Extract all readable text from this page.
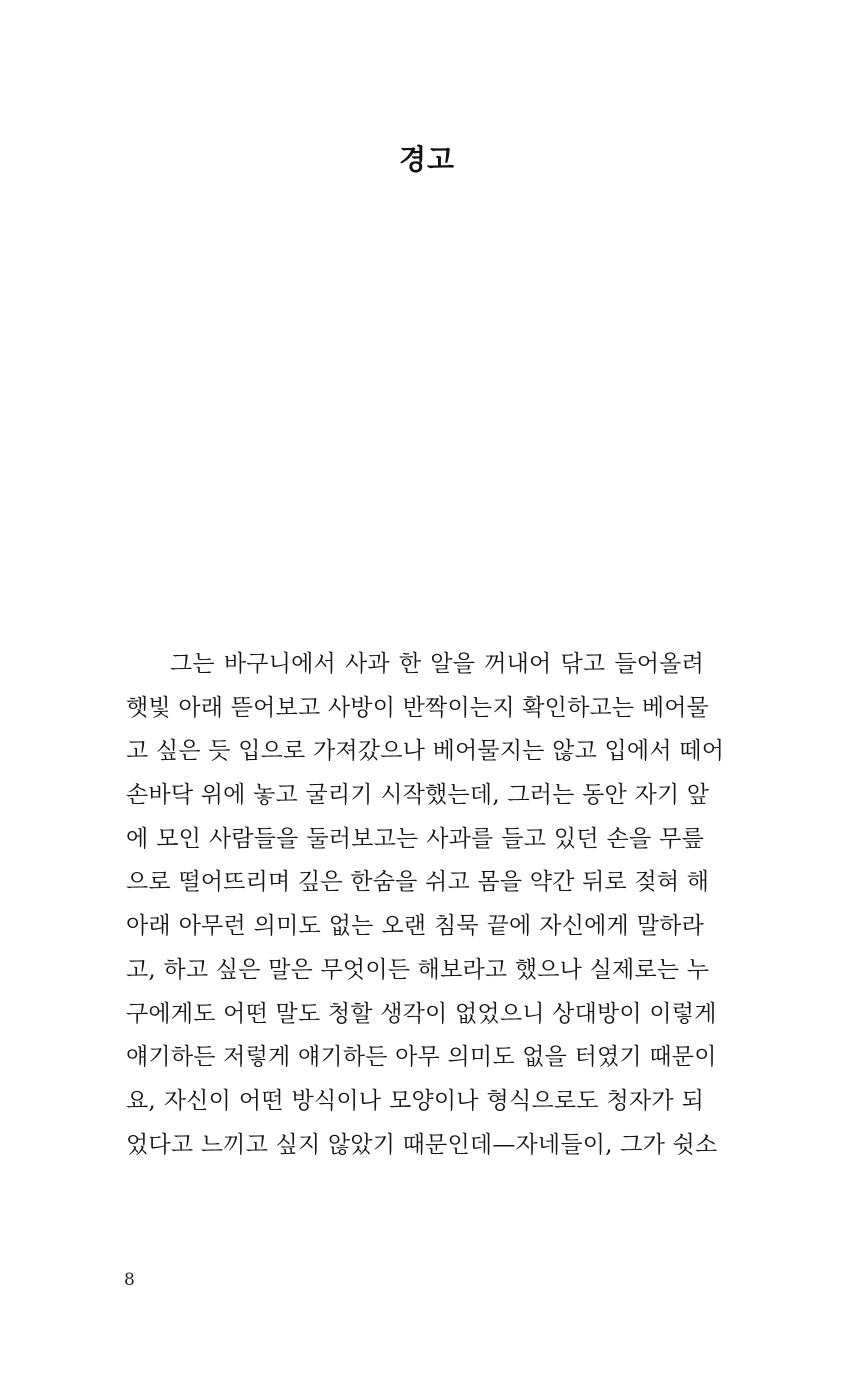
경고
그는 바구니에서 사과 한 알을 꺼내어 닦고 들어올려
햇빛 아래 뜯어보고 사방이 반짝이는지 확인하고는 베어물
고 싶은 듯 입으로 가져갔으나 베어물지는 않고 입에서 떼어
손바닥 위에 놓고 굴리기 시작했는데, 그러는 동안 자기 앞
에 모인 사람들을 둘러보고는 사과를 들고 있던 손을 무릎
으로 떨어뜨리며 깊은 한숨을 쉬고 몸을 약간 뒤로 젖혀 해
아래 아무런 의미도 없는 오랜 침묵 끝에 자신에게 말하라
고, 하고 싶은 말은 무엇이든 해보라고 했으나 실제로는 누
구에게도 어떤 말도 청할 생각이 없었으니 상대방이 이렇게
얘기하든 저렇게 얘기하든 아무 의미도 없을 터였기 때문이
요, 자신이 어떤 방식이나 모양이나 형식으로도 청자가 되
었다고 느끼고 싶지 않았기 때문인데—자네들이, 그가 쉿소
8
